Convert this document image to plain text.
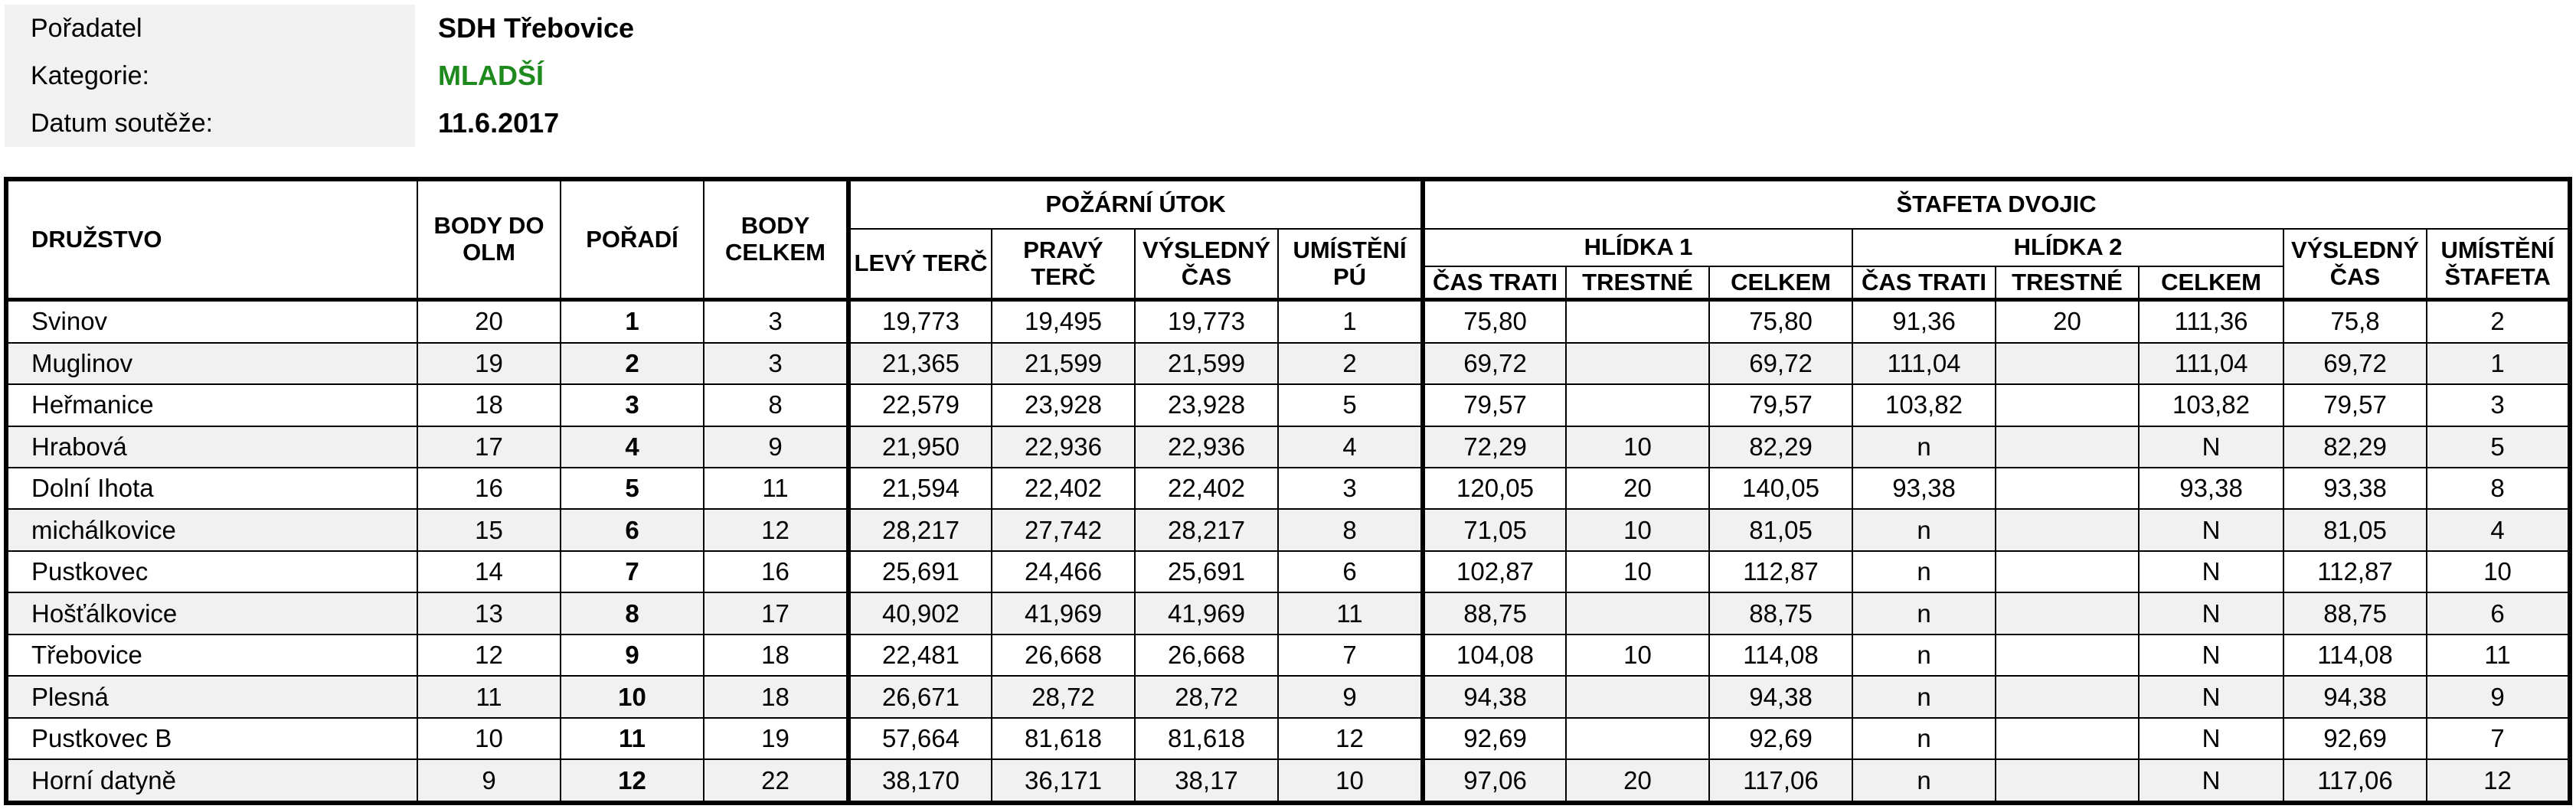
Pořadatel	SDH Třebovice
Kategorie:	MLADŠÍ
Datum soutěže:	11.6.2017
DRUŽSTVO	BODY DO OLM	POŘADÍ	BODY CELKEM	POŽÁRNÍ ÚTOK				ŠTAFETA DVOJIC							
				LEVÝ TERČ	PRAVÝ TERČ	VÝSLEDNÝ ČAS	UMÍSTĚNÍ PÚ	HLÍDKA 1			HLÍDKA 2			VÝSLEDNÝ ČAS	UMÍSTĚNÍ ŠTAFETA
								ČAS TRATI	TRESTNÉ	CELKEM	ČAS TRATI	TRESTNÉ	CELKEM		
Svinov	20	1	3	19,773	19,495	19,773	1	75,80		75,80	91,36	20	111,36	75,8	2
Muglinov	19	2	3	21,365	21,599	21,599	2	69,72		69,72	111,04		111,04	69,72	1
Heřmanice	18	3	8	22,579	23,928	23,928	5	79,57		79,57	103,82		103,82	79,57	3
Hrabová	17	4	9	21,950	22,936	22,936	4	72,29	10	82,29	n		N	82,29	5
Dolní Ihota	16	5	11	21,594	22,402	22,402	3	120,05	20	140,05	93,38		93,38	93,38	8
michálkovice	15	6	12	28,217	27,742	28,217	8	71,05	10	81,05	n		N	81,05	4
Pustkovec	14	7	16	25,691	24,466	25,691	6	102,87	10	112,87	n		N	112,87	10
Hošťálkovice	13	8	17	40,902	41,969	41,969	11	88,75		88,75	n		N	88,75	6
Třebovice	12	9	18	22,481	26,668	26,668	7	104,08	10	114,08	n		N	114,08	11
Plesná	11	10	18	26,671	28,72	28,72	9	94,38		94,38	n		N	94,38	9
Pustkovec B	10	11	19	57,664	81,618	81,618	12	92,69		92,69	n		N	92,69	7
Horní datyně	9	12	22	38,170	36,171	38,17	10	97,06	20	117,06	n		N	117,06	12
